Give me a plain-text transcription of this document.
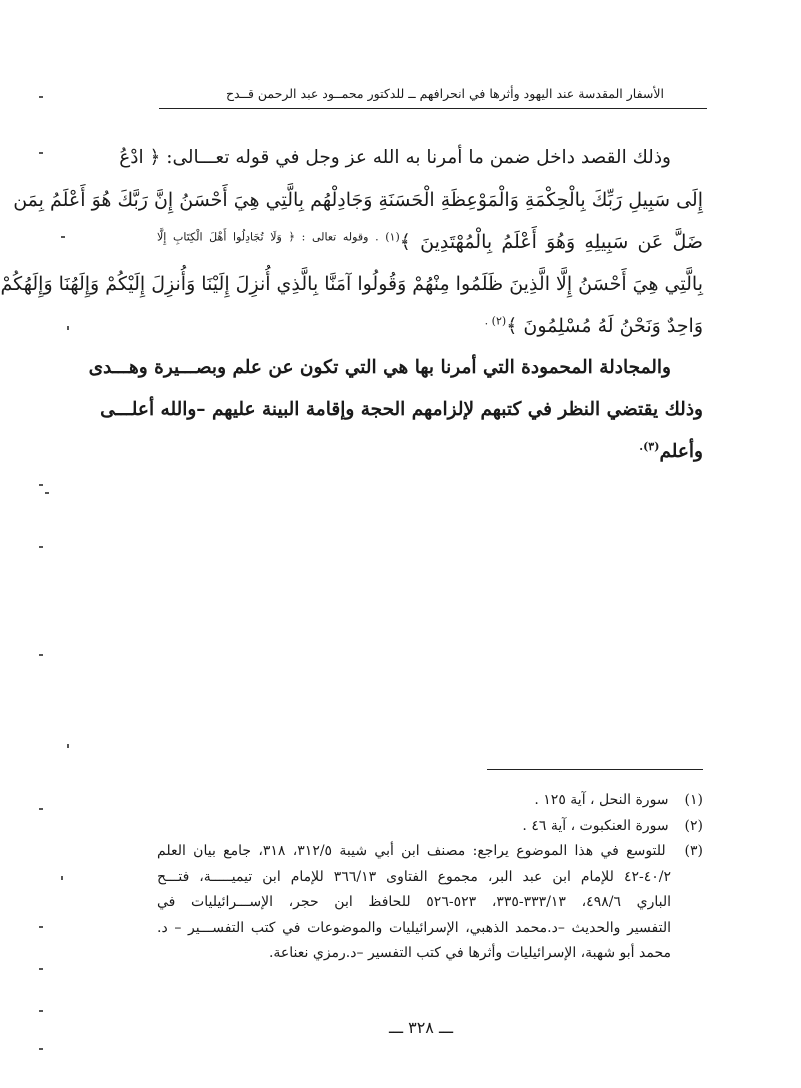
الأسفار المقدسة عند اليهود وأثرها في انحرافهم ــ للدكتور محمــود عبد الرحمن قــدح
وذلك القصد داخل ضمن ما أمرنا به الله عز وجل في قوله تعـــالى: ﴿ ادْعُ
إِلَى سَبِيلِ رَبِّكَ بِالْحِكْمَةِ وَالْمَوْعِظَةِ الْحَسَنَةِ وَجَادِلْهُم بِالَّتِي هِيَ أَحْسَنُ إِنَّ رَبَّكَ هُوَ أَعْلَمُ بِمَن
ضَلَّ عَن سَبِيلِهِ وَهُوَ أَعْلَمُ بِالْمُهْتَدِينَ ﴾$^{(١) . وقوله تعالى : ﴿ وَلَا تُجَادِلُوا أَهْلَ الْكِتَابِ إِلَّا}$
بِالَّتِي هِيَ أَحْسَنُ إِلَّا الَّذِينَ ظَلَمُوا مِنْهُمْ وَقُولُوا آمَنَّا بِالَّذِي أُنزِلَ إِلَيْنَا وَأُنزِلَ إِلَيْكُمْ وَإِلَهُنَا وَإِلَهُكُمْ
وَاحِدٌ وَنَحْنُ لَهُ مُسْلِمُونَ ﴾$^{(٢) .}$
والمجادلة المحمودة التي أمرنا بها هي التي تكون عن علم وبصـــيرة وهـــدى
وذلك يقتضي النظر في كتبهم لإلزامهم الحجة وإقامة البينة عليهم –والله أعلـــى
وأعلم$^{(٣).}$
(١) سورة النحل ، آية ١٢٥ .
(٢) سورة العنكبوت ، آية ٤٦ .
(٣) للتوسع في هذا الموضوع يراجع: مصنف ابن أبي شيبة ٣١٢/٥، ٣١٨، جامع بيان العلم
٤٠/٢-٤٢ للإمام ابن عبد البر، مجموع الفتاوى ٣٦٦/١٣ للإمام ابن تيميـــــة، فتـــح
الباري ٤٩٨/٦، ٣٣٣/١٣-٣٣٥، ٥٢٣-٥٢٦ للحافظ ابن حجر، الإســـرائيليات في
التفسير والحديث –د.محمد الذهبي، الإسرائيليات والموضوعات في كتب التفســـير – د.
محمد أبو شهبة، الإسرائيليات وأثرها في كتب التفسير –د.رمزي نعناعة.
ـــ ٣٢٨ ـــ
